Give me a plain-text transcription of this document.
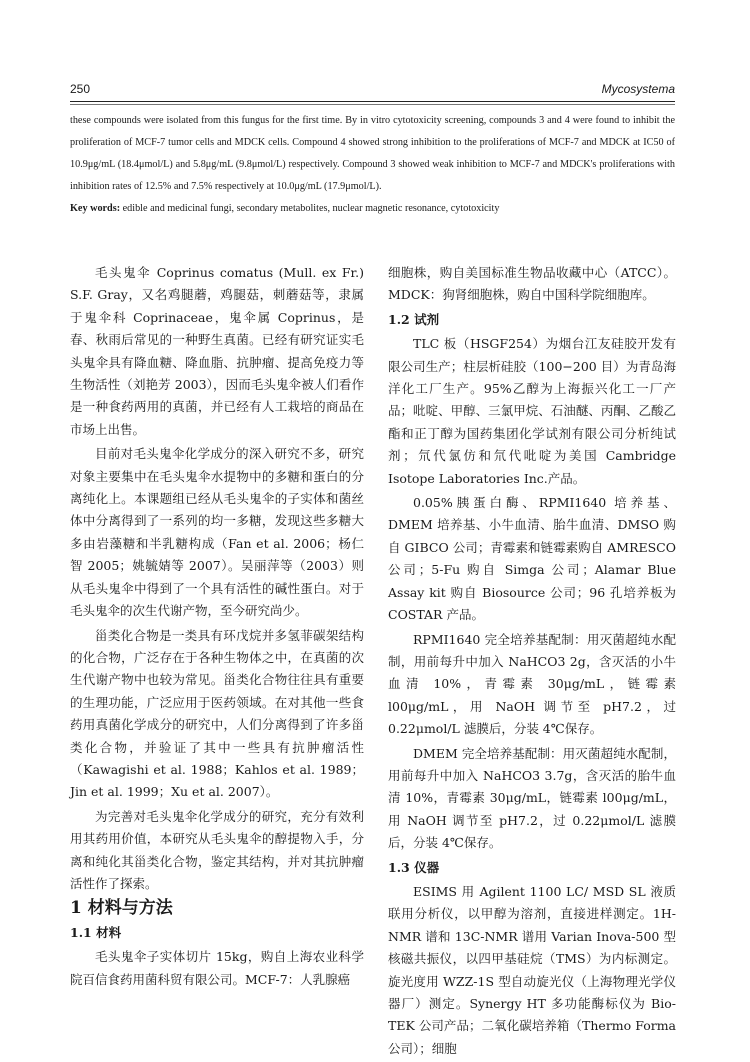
250	Mycosystema

these compounds were isolated from this fungus for the first time. By in vitro cytotoxicity screening, compounds 3 and 4 were found to inhibit the proliferation of MCF-7 tumor cells and MDCK cells. Compound 4 showed strong inhibition to the proliferations of MCF-7 and MDCK at IC50 of 10.9μg/mL (18.4μmol/L) and 5.8μg/mL (9.8μmol/L) respectively. Compound 3 showed weak inhibition to MCF-7 and MDCK's proliferations with inhibition rates of 12.5% and 7.5% respectively at 10.0μg/mL (17.9μmol/L).

Key words: edible and medicinal fungi, secondary metabolites, nuclear magnetic resonance, cytotoxicity

毛头鬼伞 Coprinus comatus (Mull. ex Fr.) S.F. Gray，又名鸡腿蘑，鸡腿菇，刺蘑菇等，隶属于鬼伞科 Coprinaceae，鬼伞属 Coprinus，是春、秋雨后常见的一种野生真菌。已经有研究证实毛头鬼伞具有降血糖、降血脂、抗肿瘤、提高免疫力等生物活性（刘艳芳 2003），因而毛头鬼伞被人们看作是一种食药两用的真菌，并已经有人工栽培的商品在市场上出售。

目前对毛头鬼伞化学成分的深入研究不多，研究对象主要集中在毛头鬼伞水提物中的多糖和蛋白的分离纯化上。本课题组已经从毛头鬼伞的子实体和菌丝体中分离得到了一系列的均一多糖，发现这些多糖大多由岩藻糖和半乳糖构成（Fan et al. 2006；杨仁智 2005；姚毓婧等 2007）。吴丽萍等（2003）则从毛头鬼伞中得到了一个具有活性的碱性蛋白。对于毛头鬼伞的次生代谢产物，至今研究尚少。

甾类化合物是一类具有环戊烷并多氢菲碳架结构的化合物，广泛存在于各种生物体之中，在真菌的次生代谢产物中也较为常见。甾类化合物往往具有重要的生理功能，广泛应用于医药领域。在对其他一些食药用真菌化学成分的研究中，人们分离得到了许多甾类化合物，并验证了其中一些具有抗肿瘤活性（Kawagishi et al. 1988；Kahlos et al. 1989；Jin et al. 1999；Xu et al. 2007）。

为完善对毛头鬼伞化学成分的研究，充分有效利用其药用价值，本研究从毛头鬼伞的醇提物入手，分离和纯化其甾类化合物，鉴定其结构，并对其抗肿瘤活性作了探索。

1 材料与方法

1.1 材料

毛头鬼伞子实体切片 15kg，购自上海农业科学院百信食药用菌科贸有限公司。MCF-7：人乳腺癌

细胞株，购自美国标准生物品收藏中心（ATCC）。MDCK：狗肾细胞株，购自中国科学院细胞库。

1.2 试剂

TLC 板（HSGF254）为烟台江友硅胶开发有限公司生产；柱层析硅胶（100−200 目）为青岛海洋化工厂生产。95%乙醇为上海振兴化工一厂产品；吡啶、甲醇、三氯甲烷、石油醚、丙酮、乙酸乙酯和正丁醇为国药集团化学试剂有限公司分析纯试剂；氘代氯仿和氘代吡啶为美国 Cambridge Isotope Laboratories Inc.产品。

0.05%胰蛋白酶、RPMI1640 培养基、DMEM 培养基、小牛血清、胎牛血清、DMSO 购自 GIBCO 公司；青霉素和链霉素购自 AMRESCO 公司；5-Fu 购自 Simga 公司；Alamar Blue Assay kit 购自 Biosource 公司；96 孔培养板为 COSTAR 产品。

RPMI1640 完全培养基配制：用灭菌超纯水配制，用前每升中加入 NaHCO3 2g，含灭活的小牛血清 10%，青霉素 30μg/mL，链霉素 l00μg/mL，用 NaOH 调节至 pH7.2，过 0.22μmol/L 滤膜后，分装 4℃保存。

DMEM 完全培养基配制：用灭菌超纯水配制，用前每升中加入 NaHCO3 3.7g，含灭活的胎牛血清 10%，青霉素 30μg/mL，链霉素 l00μg/mL，用 NaOH 调节至 pH7.2，过 0.22μmol/L 滤膜后，分装 4℃保存。

1.3 仪器

ESIMS 用 Agilent 1100 LC/ MSD SL 液质联用分析仪，以甲醇为溶剂，直接进样测定。1H-NMR 谱和 13C-NMR 谱用 Varian Inova-500 型核磁共振仪，以四甲基硅烷（TMS）为内标测定。旋光度用 WZZ-1S 型自动旋光仪（上海物理光学仪器厂）测定。Synergy HT 多功能酶标仪为 Bio-TEK 公司产品；二氧化碳培养箱（Thermo Forma 公司）；细胞
